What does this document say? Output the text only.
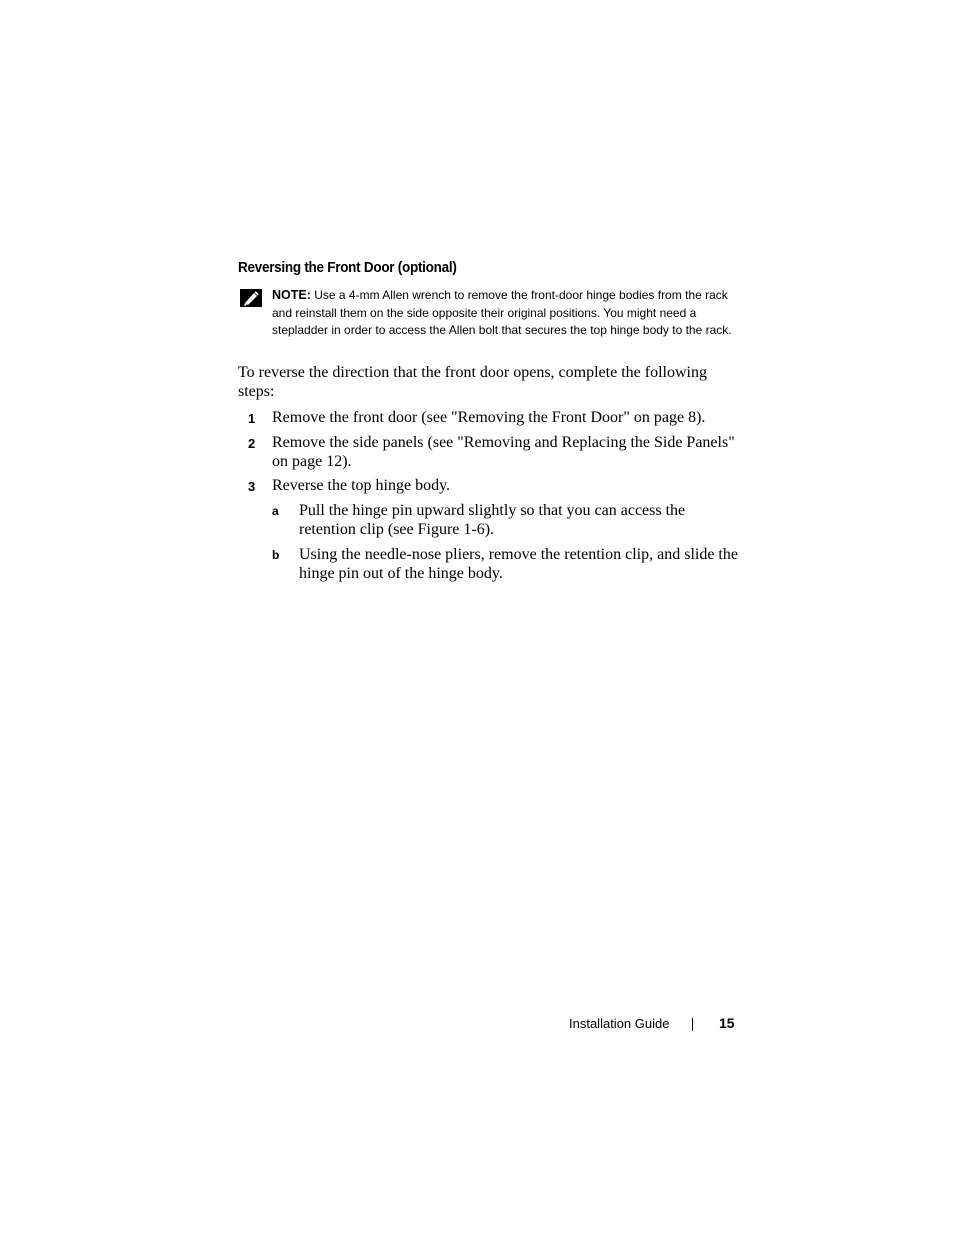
Reversing the Front Door (optional)
NOTE: Use a 4-mm Allen wrench to remove the front-door hinge bodies from the rack and reinstall them on the side opposite their original positions. You might need a stepladder in order to access the Allen bolt that secures the top hinge body to the rack.
To reverse the direction that the front door opens, complete the following steps:
1 Remove the front door (see "Removing the Front Door" on page 8).
2 Remove the side panels (see "Removing and Replacing the Side Panels" on page 12).
3 Reverse the top hinge body.
a Pull the hinge pin upward slightly so that you can access the retention clip (see Figure 1-6).
b Using the needle-nose pliers, remove the retention clip, and slide the hinge pin out of the hinge body.
Installation Guide	15
